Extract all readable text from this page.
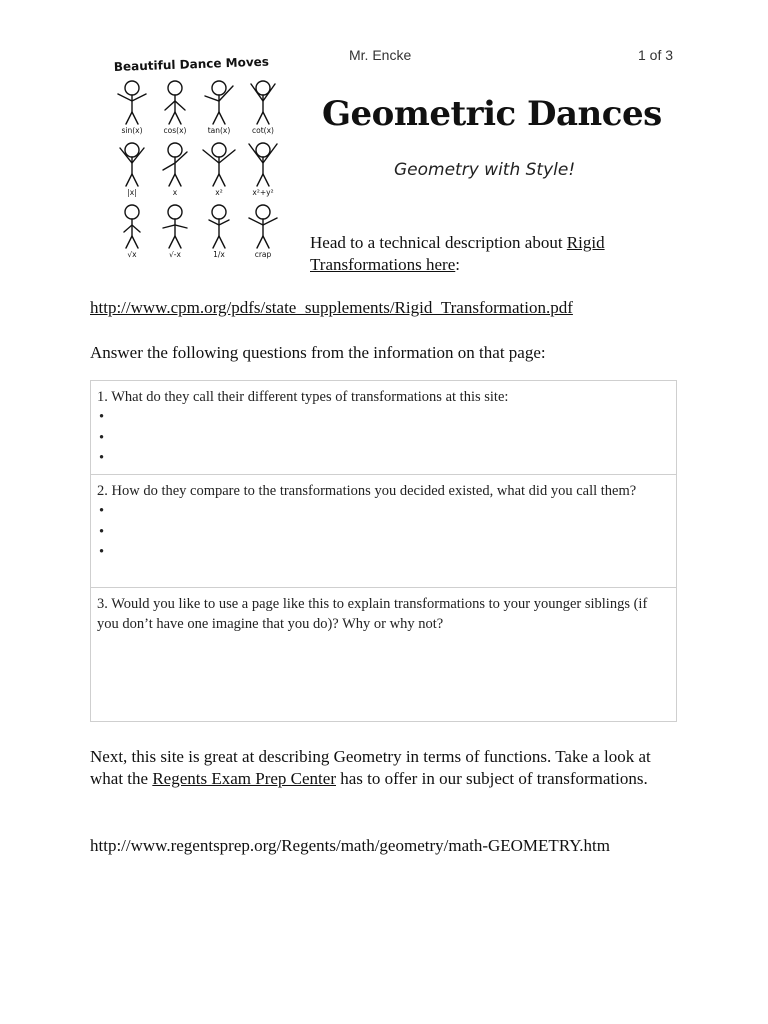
Mr. Encke	1 of 3
Beautiful Dance Moves
sin(x)	cos(x)	tan(x)	cot(x)
|x|	x	x²	x²+y²
√x	√-x	1/x	crap
Geometric Dances
Geometry with Style!
Head to a technical description about Rigid
Transformations here:
http://www.cpm.org/pdfs/state_supplements/Rigid_Transformation.pdf
Answer the following questions from the information on that page:
1. What do they call their different types of transformations at this site:
•
•
•
2. How do they compare to the transformations you decided existed, what did you call them?
•
•
•
3. Would you like to use a page like this to explain transformations to your younger siblings (if you don’t have one imagine that you do)? Why or why not?
Next, this site is great at describing Geometry in terms of functions. Take a look at what the Regents Exam Prep Center has to offer in our subject of transformations.
http://www.regentsprep.org/Regents/math/geometry/math-GEOMETRY.htm
